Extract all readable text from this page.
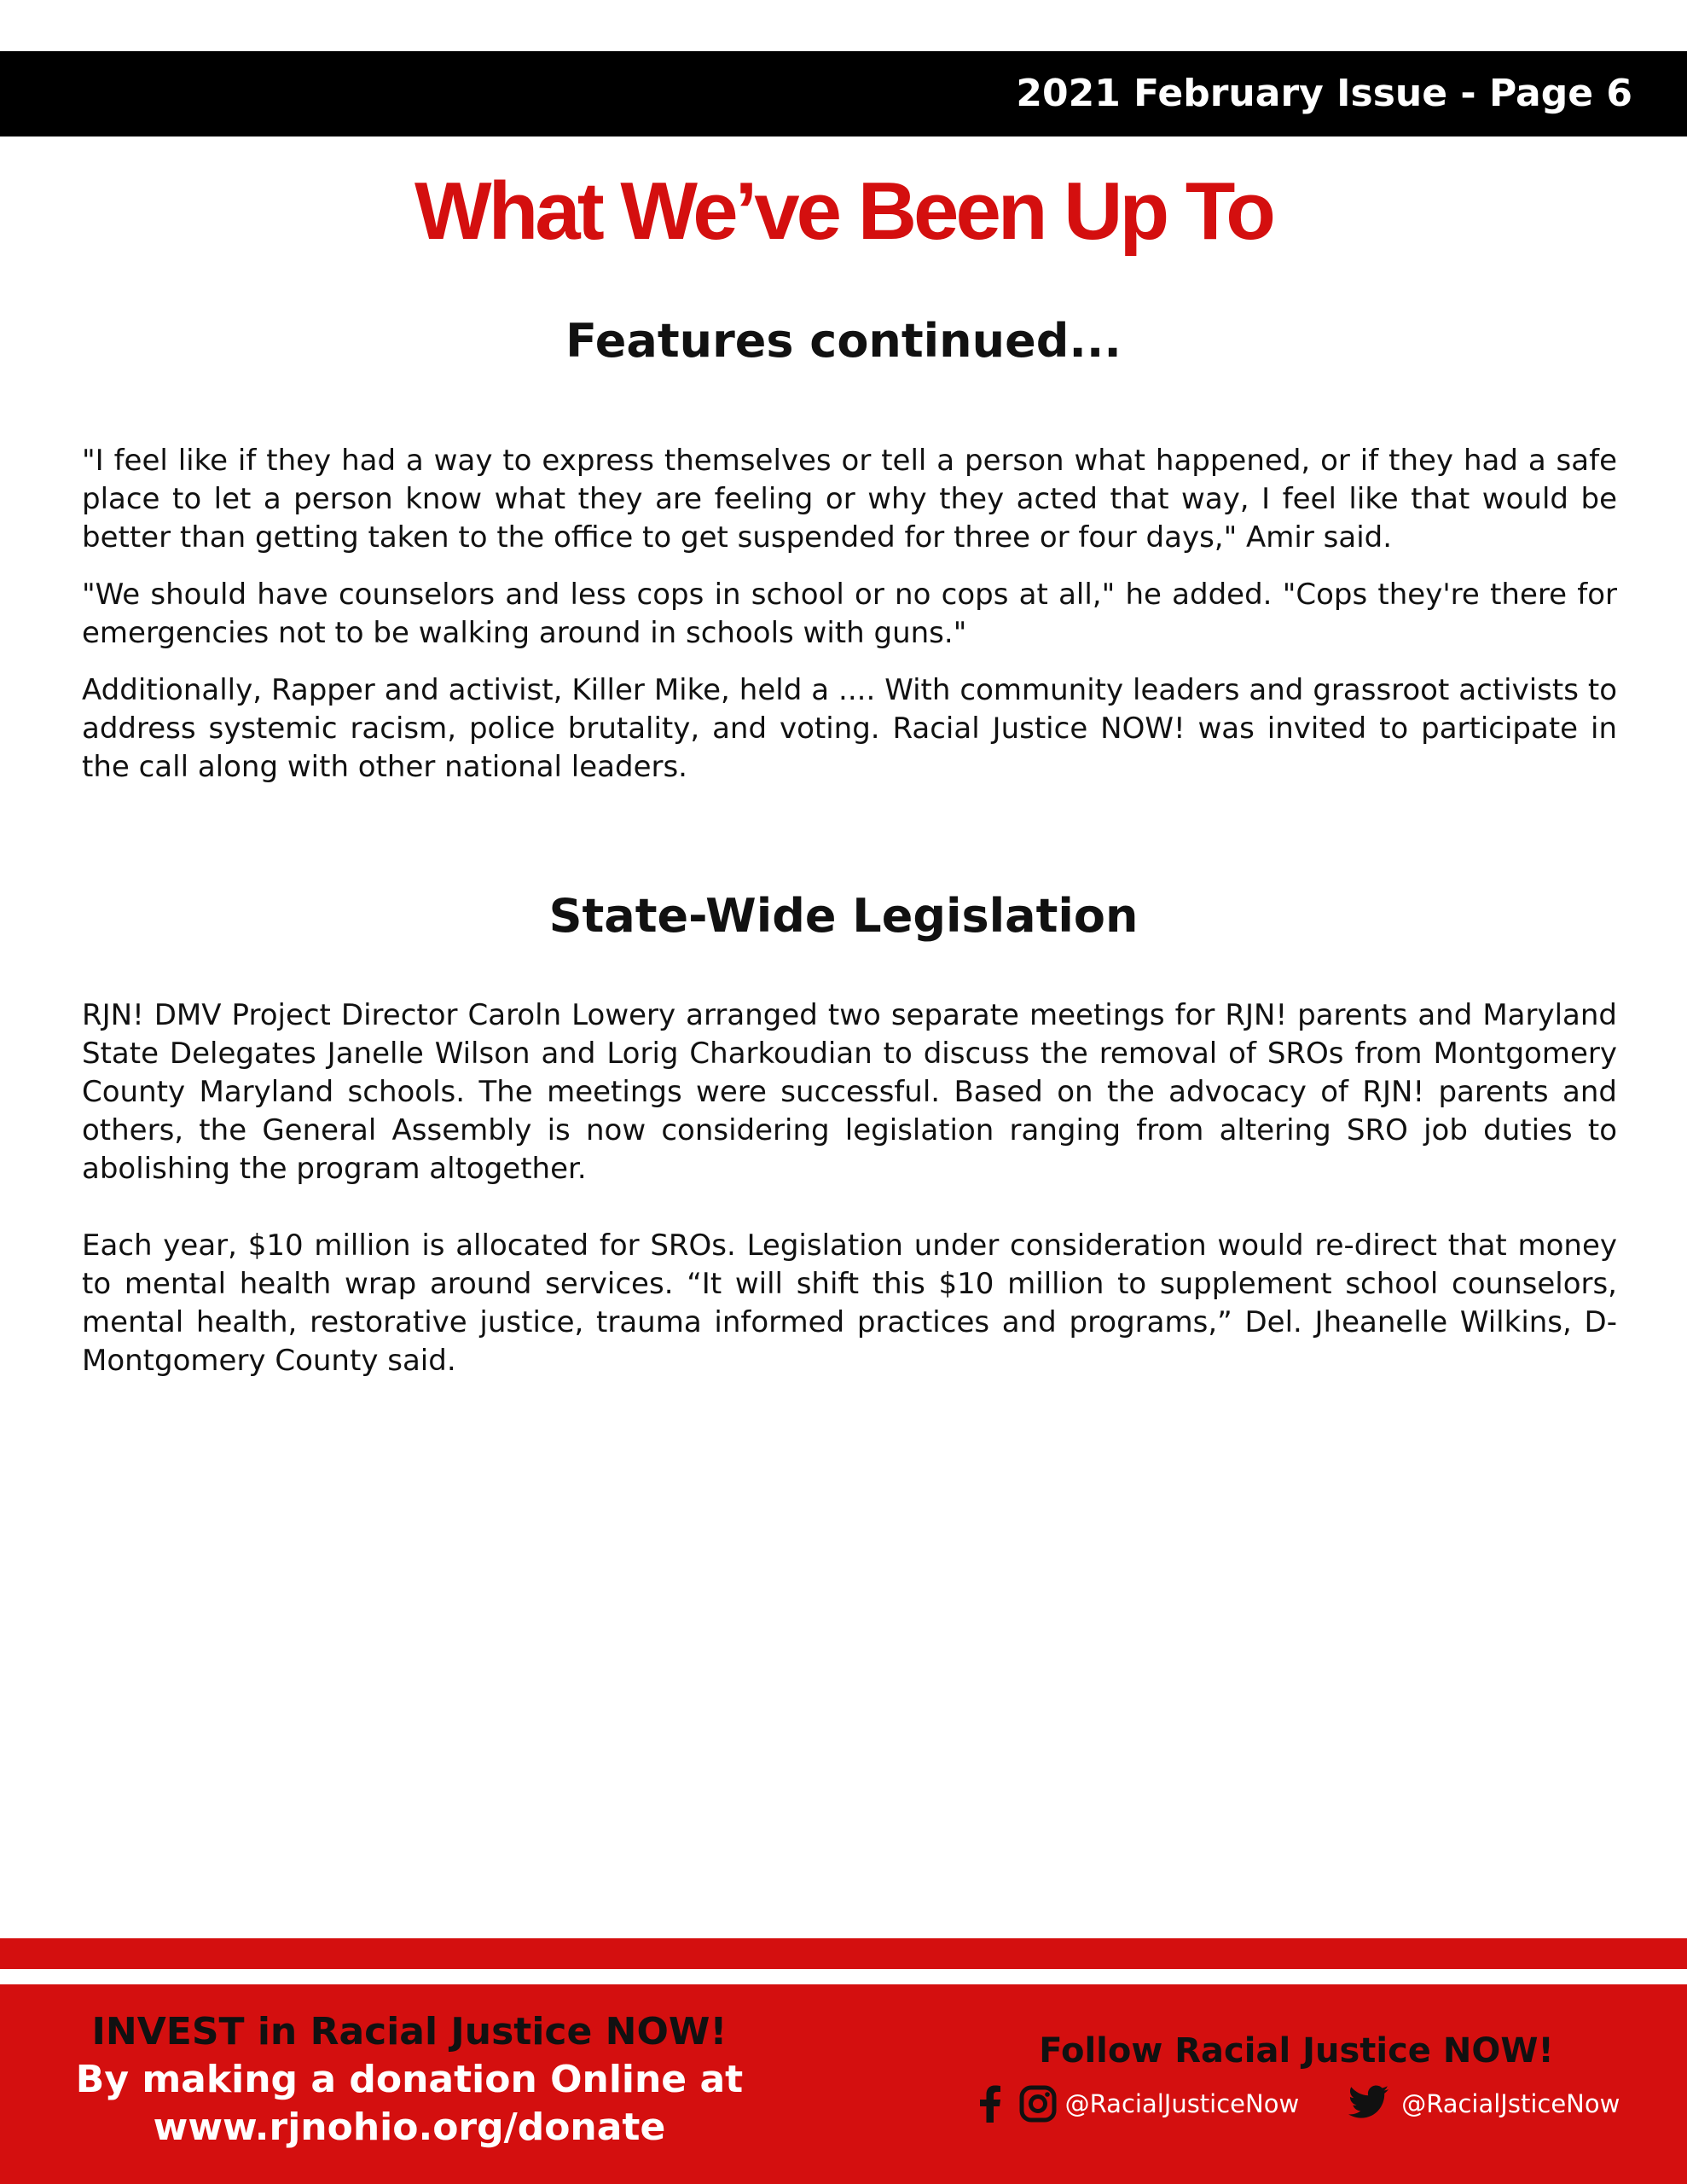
2021 February Issue - Page 6
What We’ve Been Up To
Features continued...

"I feel like if they had a way to express themselves or tell a person what happened, or if they had a safe place to let a person know what they are feeling or why they acted that way, I feel like that would be better than getting taken to the office to get suspended for three or four days," Amir said.

"We should have counselors and less cops in school or no cops at all," he added. "Cops they're there for emergencies not to be walking around in schools with guns."

Additionally, Rapper and activist, Killer Mike, held a .... With community leaders and grassroot activists to address systemic racism, police brutality, and voting. Racial Justice NOW! was invited to participate in the call along with other national leaders.

State-Wide Legislation

RJN! DMV Project Director Caroln Lowery arranged two separate meetings for RJN! parents and Maryland State Delegates Janelle Wilson and Lorig Charkoudian to discuss the removal of SROs from Montgomery County Maryland schools. The meetings were successful. Based on the advocacy of RJN! parents and others, the General Assembly is now considering legislation ranging from altering SRO job duties to abolishing the program altogether.

Each year, $10 million is allocated for SROs. Legislation under consideration would re-direct that money to mental health wrap around services. “It will shift this $10 million to supplement school counselors, mental health, restorative justice, trauma informed practices and programs,” Del. Jheanelle Wilkins, D-Montgomery County said.

INVEST in Racial Justice NOW!
By making a donation Online at
www.rjnohio.org/donate
Follow Racial Justice NOW!
@RacialJusticeNow	@RacialJsticeNow
